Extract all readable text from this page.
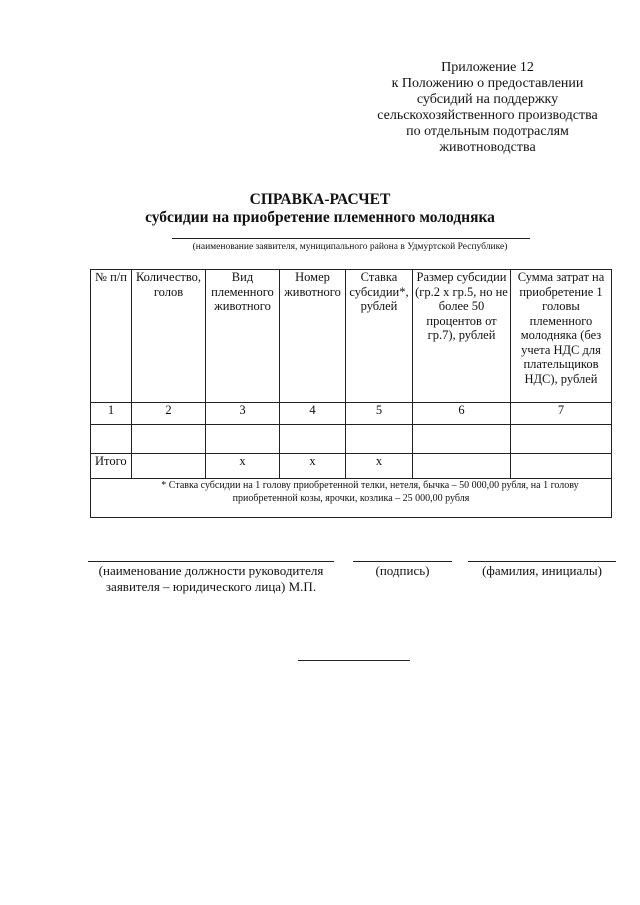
Приложение 12
к Положению о предоставлении
субсидий на поддержку
сельскохозяйственного производства
по отдельным подотраслям
животноводства
СПРАВКА-РАСЧЕТ
субсидии на приобретение племенного молодняка
(наименование заявителя, муниципального района в Удмуртской Республике)
№ п/п	Количество, голов	Вид племенного животного	Номер животного	Ставка субсидии*, рублей	Размер субсидии (гр.2 х гр.5, но не более 50 процентов от гр.7), рублей	Сумма затрат на приобретение 1 головы племенного молодняка (без учета НДС для плательщиков НДС), рублей
1	2	3	4	5	6	7

Итого		х	х	х		
* Ставка субсидии на 1 голову приобретенной телки, нетеля, бычка – 50 000,00 рубля, на 1 голову приобретенной козы, ярочки, козлика – 25 000,00 рубля						
(наименование должности руководителя
заявителя – юридического лица) М.П.
(подпись)	(фамилия, инициалы)
